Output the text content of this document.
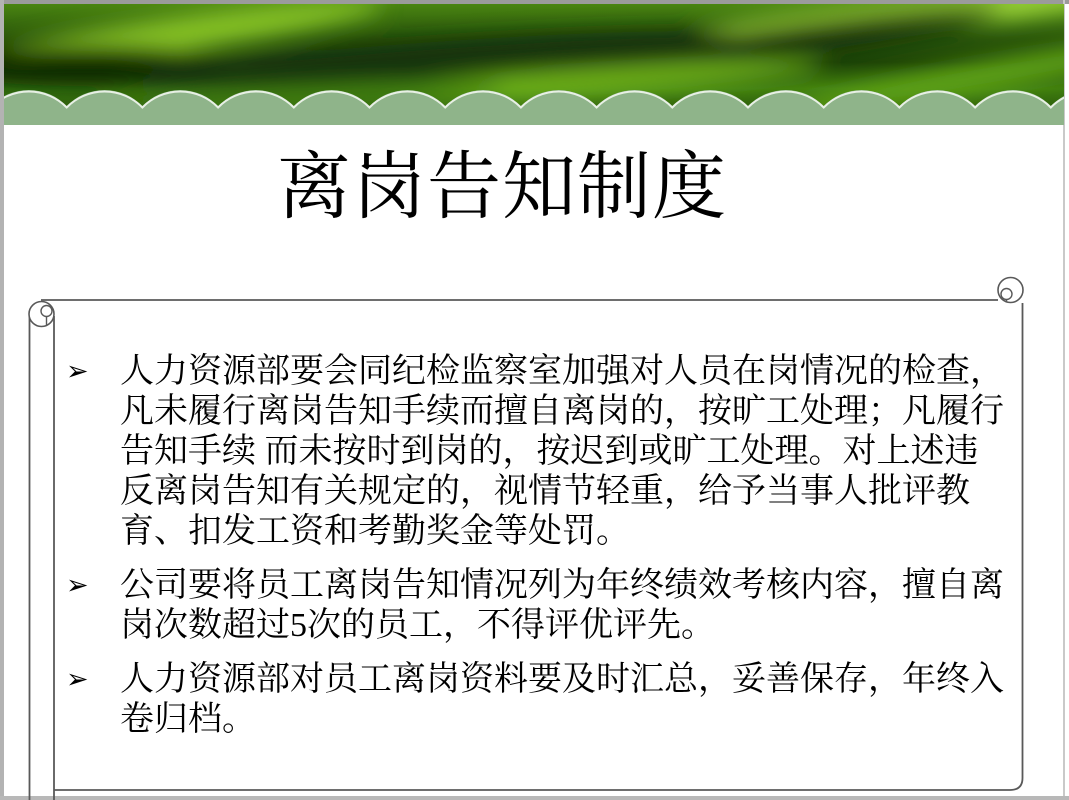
离岗告知制度
➢ 人力资源部要会同纪检监察室加强对人员在岗情况的检查，凡未履行离岗告知手续而擅自离岗的，按旷工处理；凡履行告知手续 而未按时到岗的，按迟到或旷工处理。对上述违反离岗告知有关规定的，视情节轻重，给予当事人批评教育、扣发工资和考勤奖金等处罚。
➢ 公司要将员工离岗告知情况列为年终绩效考核内容，擅自离岗次数超过5次的员工，不得评优评先。
➢ 人力资源部对员工离岗资料要及时汇总，妥善保存，年终入卷归档。
